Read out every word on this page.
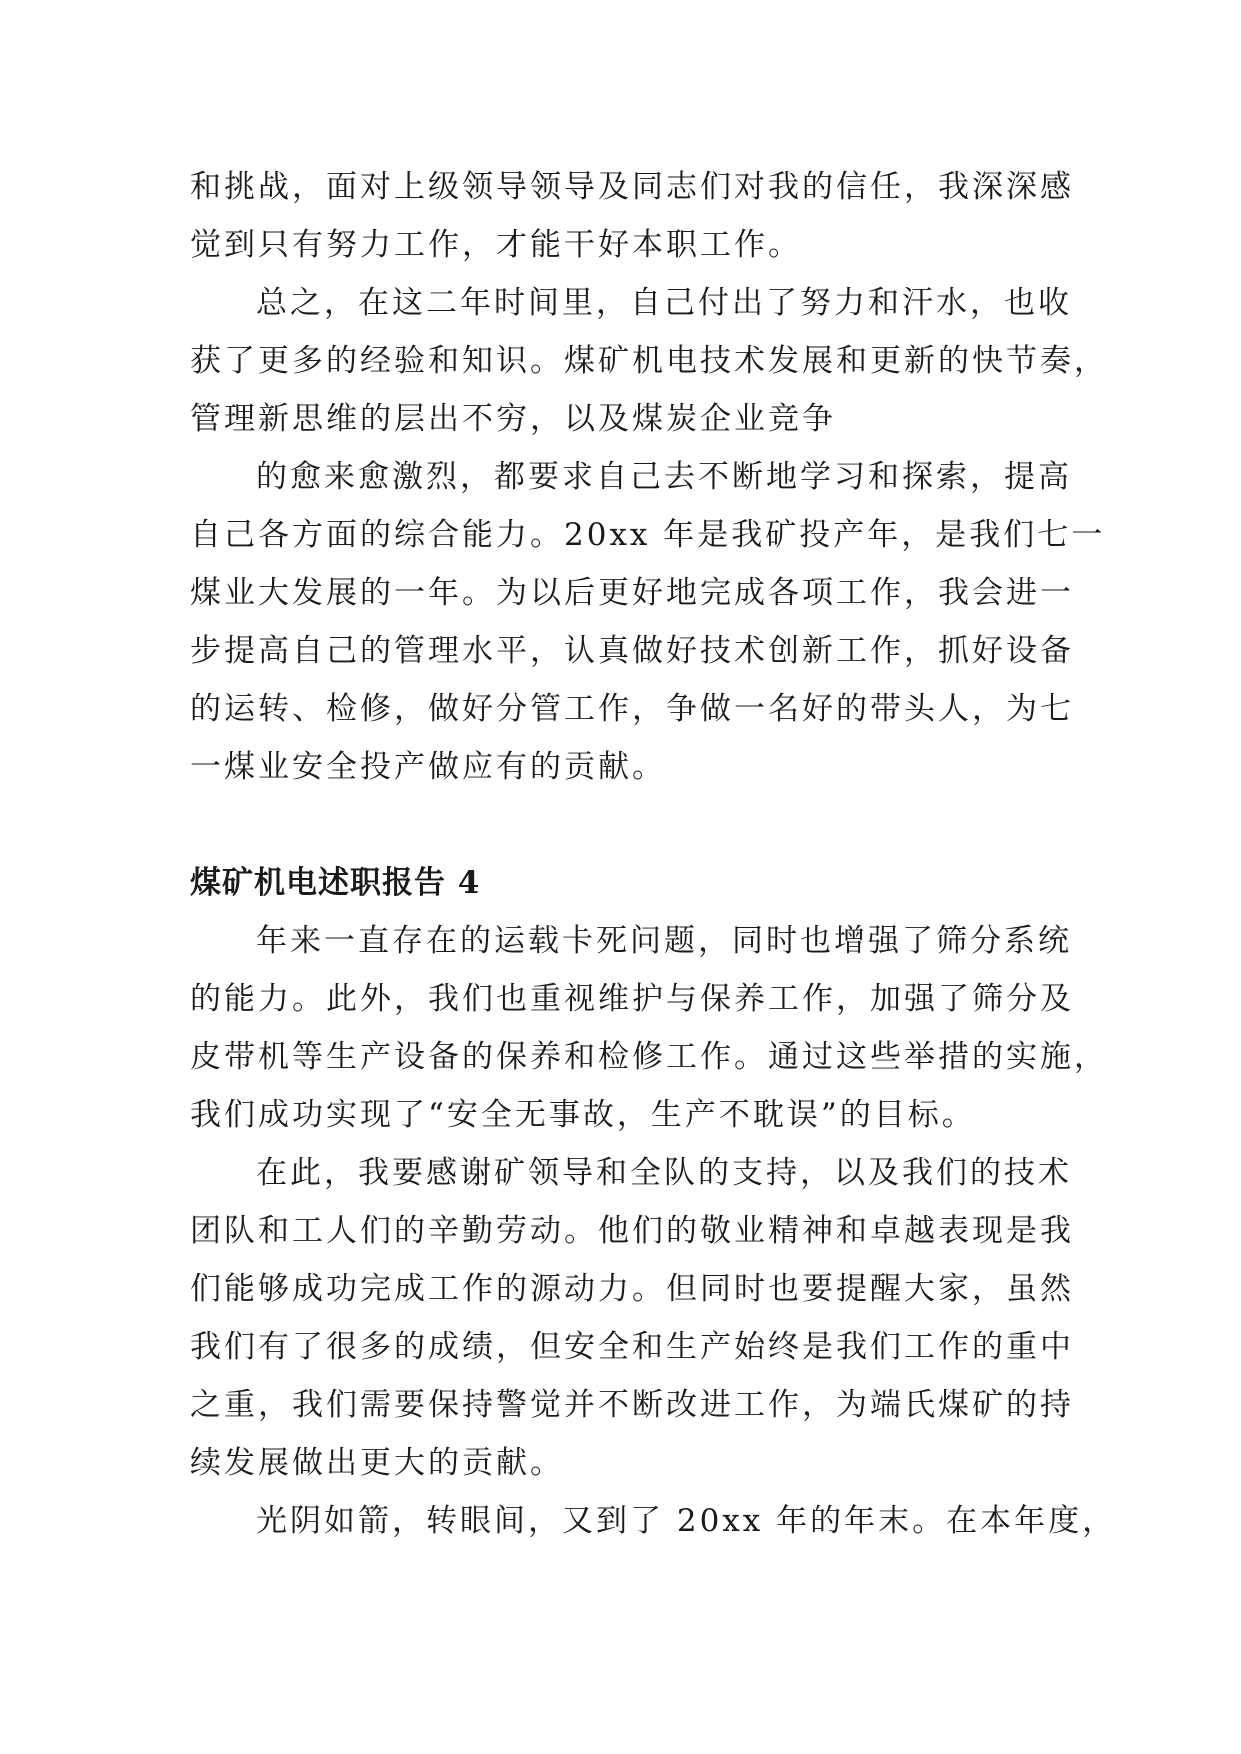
和挑战，面对上级领导领导及同志们对我的信任，我深深感
觉到只有努力工作，才能干好本职工作。
总之，在这二年时间里，自己付出了努力和汗水，也收
获了更多的经验和知识。煤矿机电技术发展和更新的快节奏，
管理新思维的层出不穷，以及煤炭企业竞争
的愈来愈激烈，都要求自己去不断地学习和探索，提高
自己各方面的综合能力。20xx 年是我矿投产年，是我们七一
煤业大发展的一年。为以后更好地完成各项工作，我会进一
步提高自己的管理水平，认真做好技术创新工作，抓好设备
的运转、检修，做好分管工作，争做一名好的带头人，为七
一煤业安全投产做应有的贡献。
煤矿机电述职报告 4
年来一直存在的运载卡死问题，同时也增强了筛分系统
的能力。此外，我们也重视维护与保养工作，加强了筛分及
皮带机等生产设备的保养和检修工作。通过这些举措的实施，
我们成功实现了“安全无事故，生产不耽误”的目标。
在此，我要感谢矿领导和全队的支持，以及我们的技术
团队和工人们的辛勤劳动。他们的敬业精神和卓越表现是我
们能够成功完成工作的源动力。但同时也要提醒大家，虽然
我们有了很多的成绩，但安全和生产始终是我们工作的重中
之重，我们需要保持警觉并不断改进工作，为端氏煤矿的持
续发展做出更大的贡献。
光阴如箭，转眼间，又到了 20xx 年的年末。在本年度，
